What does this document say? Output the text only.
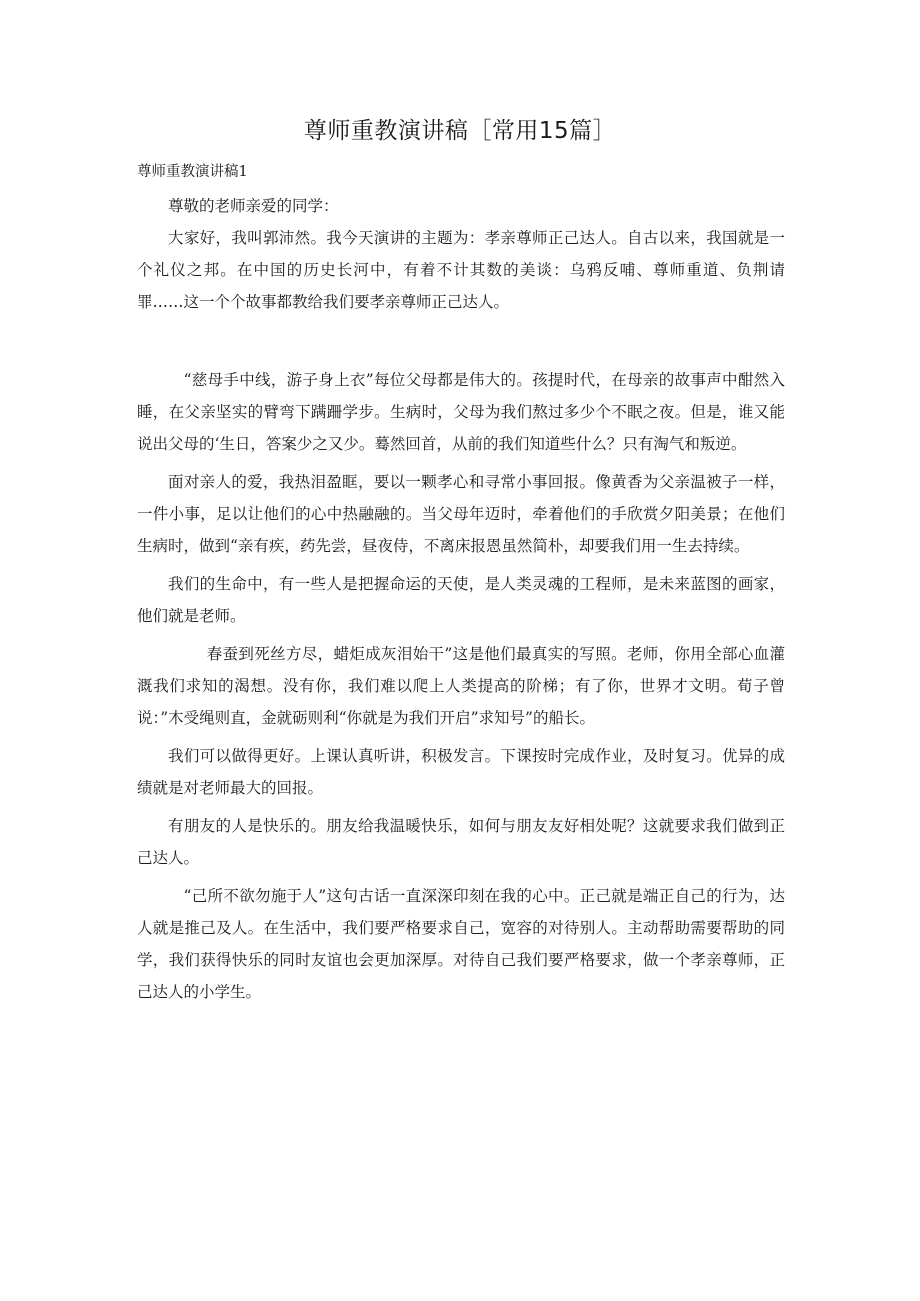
尊师重教演讲稿［常用15篇］

尊师重教演讲稿1

尊敬的老师亲爱的同学：

大家好，我叫郭沛然。我今天演讲的主题为：孝亲尊师正己达人。自古以来，我国就是一个礼仪之邦。在中国的历史长河中，有着不计其数的美谈：乌鸦反哺、尊师重道、负荆请罪……这一个个故事都教给我们要孝亲尊师正己达人。

“慈母手中线，游子身上衣”每位父母都是伟大的。孩提时代，在母亲的故事声中酣然入睡，在父亲坚实的臂弯下蹒跚学步。生病时，父母为我们熬过多少个不眠之夜。但是，谁又能说出父母的‘生日，答案少之又少。蓦然回首，从前的我们知道些什么？只有淘气和叛逆。

面对亲人的爱，我热泪盈眶，要以一颗孝心和寻常小事回报。像黄香为父亲温被子一样，一件小事，足以让他们的心中热融融的。当父母年迈时，牵着他们的手欣赏夕阳美景；在他们生病时，做到“亲有疾，药先尝，昼夜侍，不离床报恩虽然简朴，却要我们用一生去持续。

我们的生命中，有一些人是把握命运的天使，是人类灵魂的工程师，是未来蓝图的画家，他们就是老师。

春蚕到死丝方尽，蜡炬成灰泪始干”这是他们最真实的写照。老师，你用全部心血灌溉我们求知的渴想。没有你，我们难以爬上人类提高的阶梯；有了你，世界才文明。荀子曾说：”木受绳则直，金就砺则利“你就是为我们开启”求知号”的船长。

我们可以做得更好。上课认真听讲，积极发言。下课按时完成作业，及时复习。优异的成绩就是对老师最大的回报。

有朋友的人是快乐的。朋友给我温暖快乐，如何与朋友友好相处呢？这就要求我们做到正己达人。

“己所不欲勿施于人”这句古话一直深深印刻在我的心中。正己就是端正自己的行为，达人就是推己及人。在生活中，我们要严格要求自己，宽容的对待别人。主动帮助需要帮助的同学，我们获得快乐的同时友谊也会更加深厚。对待自己我们要严格要求，做一个孝亲尊师，正己达人的小学生。
